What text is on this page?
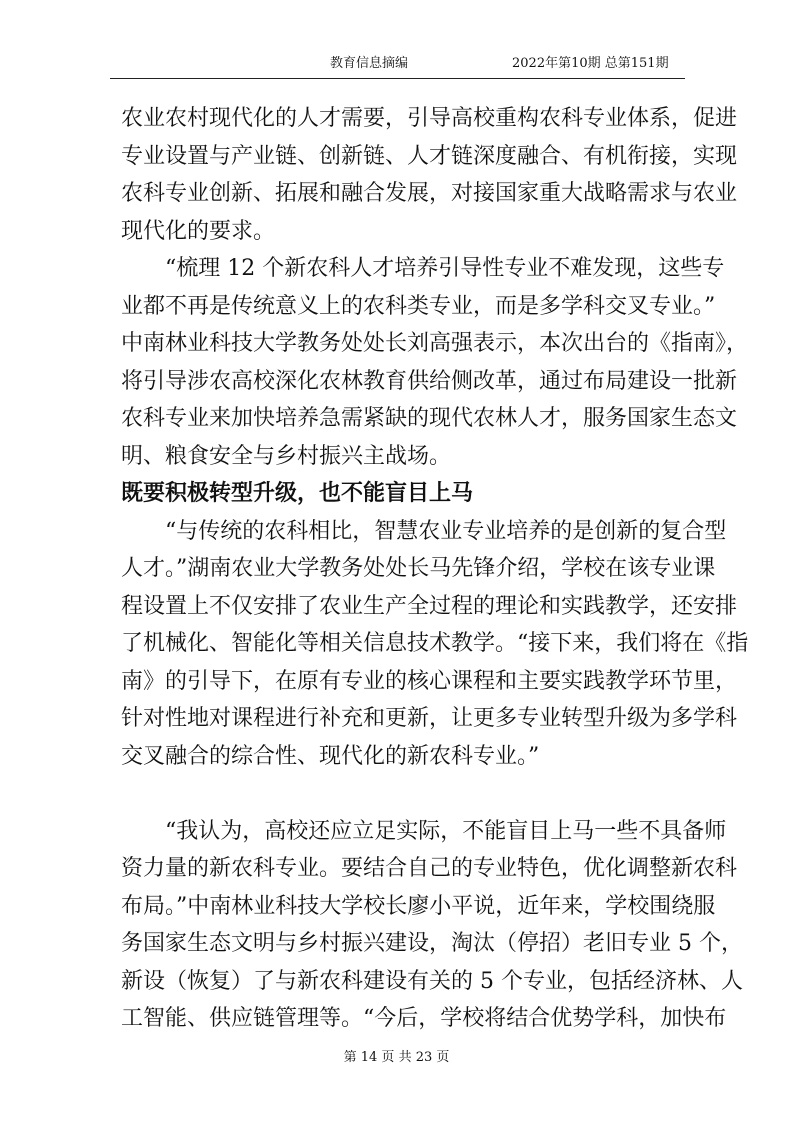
教育信息摘编	2022年第10期 总第151期
农业农村现代化的人才需要，引导高校重构农科专业体系，促进
专业设置与产业链、创新链、人才链深度融合、有机衔接，实现
农科专业创新、拓展和融合发展，对接国家重大战略需求与农业
现代化的要求。
“梳理 12 个新农科人才培养引导性专业不难发现，这些专
业都不再是传统意义上的农科类专业，而是多学科交叉专业。”
中南林业科技大学教务处处长刘高强表示，本次出台的《指南》，
将引导涉农高校深化农林教育供给侧改革，通过布局建设一批新
农科专业来加快培养急需紧缺的现代农林人才，服务国家生态文
明、粮食安全与乡村振兴主战场。
既要积极转型升级，也不能盲目上马
“与传统的农科相比，智慧农业专业培养的是创新的复合型
人才。”湖南农业大学教务处处长马先锋介绍，学校在该专业课
程设置上不仅安排了农业生产全过程的理论和实践教学，还安排
了机械化、智能化等相关信息技术教学。“接下来，我们将在《指
南》的引导下，在原有专业的核心课程和主要实践教学环节里，
针对性地对课程进行补充和更新，让更多专业转型升级为多学科
交叉融合的综合性、现代化的新农科专业。”
“我认为，高校还应立足实际，不能盲目上马一些不具备师
资力量的新农科专业。要结合自己的专业特色，优化调整新农科
布局。”中南林业科技大学校长廖小平说，近年来，学校围绕服
务国家生态文明与乡村振兴建设，淘汰（停招）老旧专业 5 个，
新设（恢复）了与新农科建设有关的 5 个专业，包括经济林、人
工智能、供应链管理等。“今后，学校将结合优势学科，加快布
第 14 页 共 23 页
